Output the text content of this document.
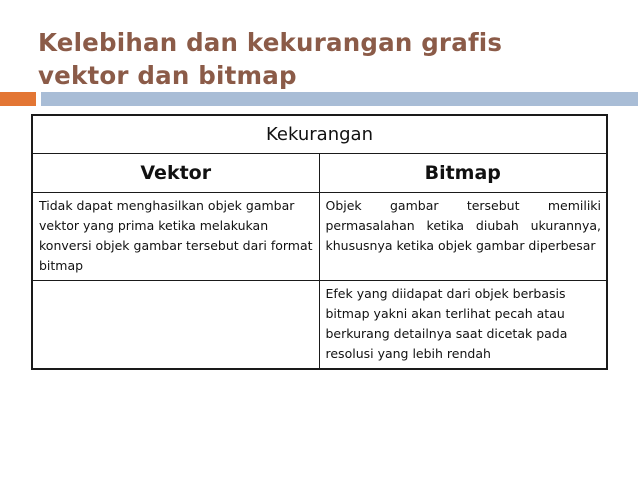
Kelebihan dan kekurangan grafis
vektor dan bitmap
Kekurangan	
Vektor	Bitmap
Tidak dapat menghasilkan objek gambar vektor yang prima ketika melakukan konversi objek gambar tersebut dari format bitmap	Objek gambar tersebut memiliki permasalahan ketika diubah ukurannya, khususnya ketika objek gambar diperbesar
	Efek yang diidapat dari objek berbasis bitmap yakni akan terlihat pecah atau berkurang detailnya saat dicetak pada resolusi yang lebih rendah
